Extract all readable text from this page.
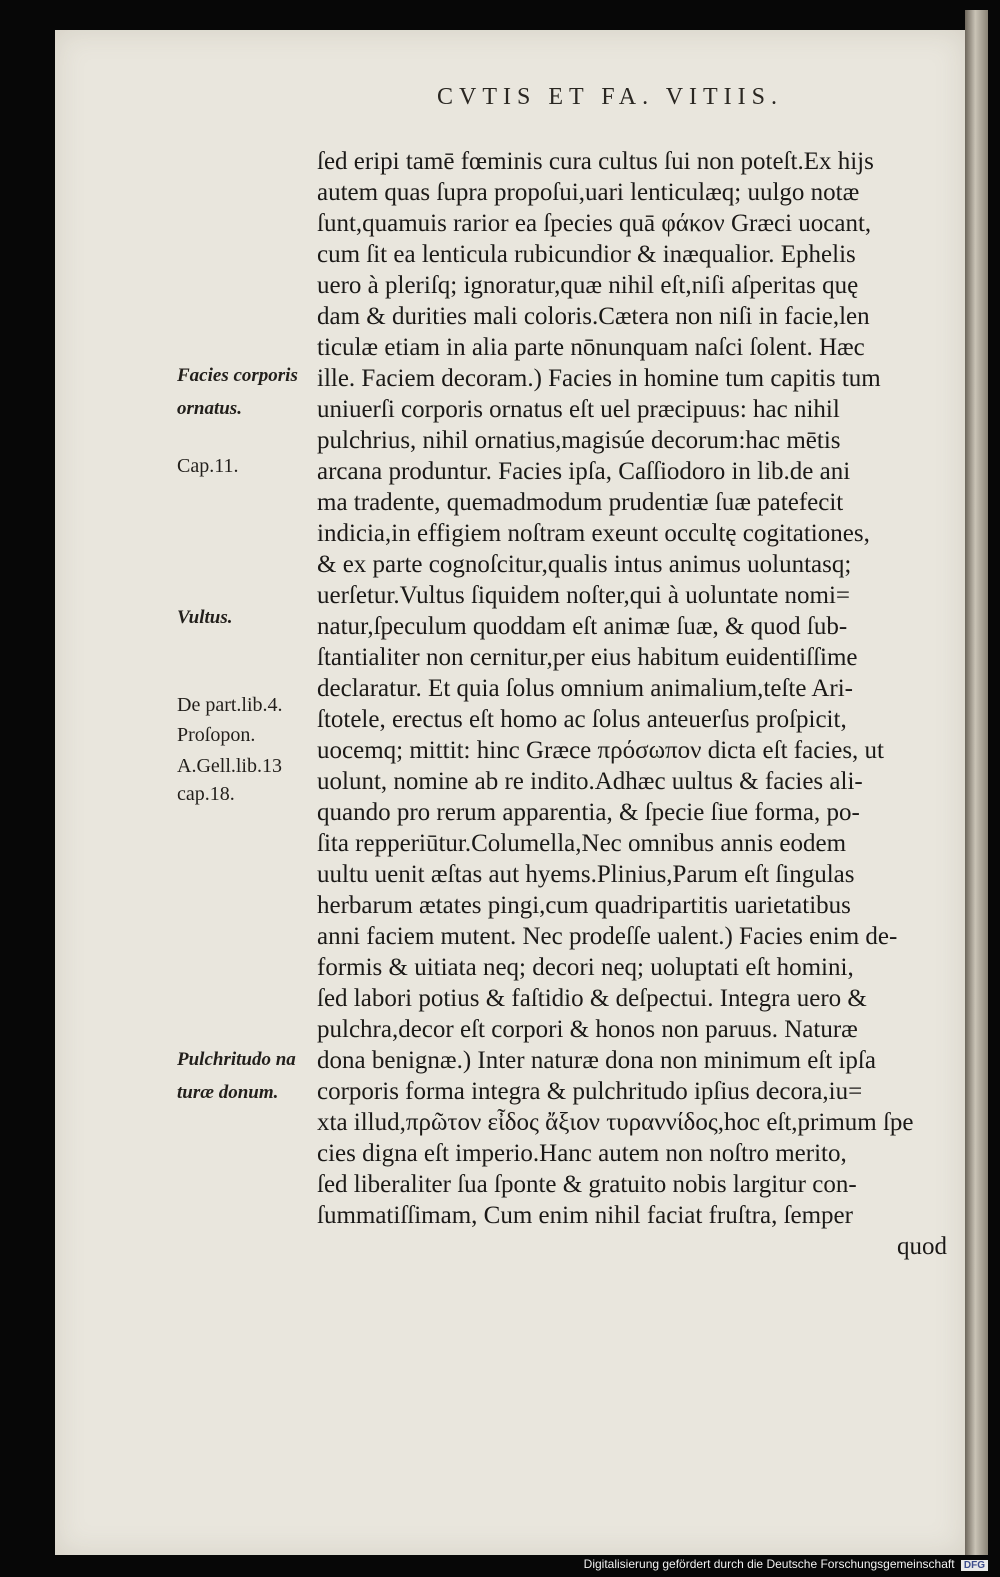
CVTIS ET FA. VITIIS.
ſed eripi tamē fœminis cura cultus ſui non poteſt.Ex hijs
autem quas ſupra propoſui,uari lenticulæq; uulgo notæ
ſunt,quamuis rarior ea ſpecies quā φάκον Græci uocant,
cum ſit ea lenticula rubicundior & inæqualior. Ephelis
uero à pleriſq; ignoratur,quæ nihil eſt,niſi aſperitas quę
dam & durities mali coloris.Cætera non niſi in facie,len
ticulæ etiam in alia parte nōnunquam naſci ſolent. Hæc
ille. Faciem decoram.) Facies in homine tum capitis tum
uniuerſi corporis ornatus eſt uel præcipuus: hac nihil
pulchrius, nihil ornatius,magisúe decorum:hac mētis
arcana produntur. Facies ipſa, Caſſiodoro in lib.de ani
ma tradente, quemadmodum prudentiæ ſuæ patefecit
indicia,in effigiem noſtram exeunt occultę cogitationes,
& ex parte cognoſcitur,qualis intus animus uoluntasq;
uerſetur.Vultus ſiquidem noſter,qui à uoluntate nomi=
natur,ſpeculum quoddam eſt animæ ſuæ, & quod ſub-
ſtantialiter non cernitur,per eius habitum euidentiſſime
declaratur. Et quia ſolus omnium animalium,teſte Ari-
ſtotele, erectus eſt homo ac ſolus anteuerſus proſpicit,
uocemq; mittit: hinc Græce πρόσωπον dicta eſt facies, ut
uolunt, nomine ab re indito.Adhæc uultus & facies ali-
quando pro rerum apparentia, & ſpecie ſiue forma, po-
ſita repperiūtur.Columella,Nec omnibus annis eodem
uultu uenit æſtas aut hyems.Plinius,Parum eſt ſingulas
herbarum ætates pingi,cum quadripartitis uarietatibus
anni faciem mutent. Nec prodeſſe ualent.) Facies enim de-
formis & uitiata neq; decori neq; uoluptati eſt homini,
ſed labori potius & faſtidio & deſpectui. Integra uero &
pulchra,decor eſt corpori & honos non paruus. Naturæ
dona benignæ.) Inter naturæ dona non minimum eſt ipſa
corporis forma integra & pulchritudo ipſius decora,iu=
xta illud,πρῶτον εἶδος ἄξιον τυραννίδος,hoc eſt,primum ſpe
cies digna eſt imperio.Hanc autem non noſtro merito,
ſed liberaliter ſua ſponte & gratuito nobis largitur con-
ſummatiſſimam, Cum enim nihil faciat fruſtra, ſemper
quod
Facies corporis
ornatus.
Cap.11.
Vultus.
De part.lib.4.
Proſopon.
A.Gell.lib.13
cap.18.
Pulchritudo na
turæ donum.
Digitalisierung gefördert durch die Deutsche Forschungsgemeinschaft DFG
